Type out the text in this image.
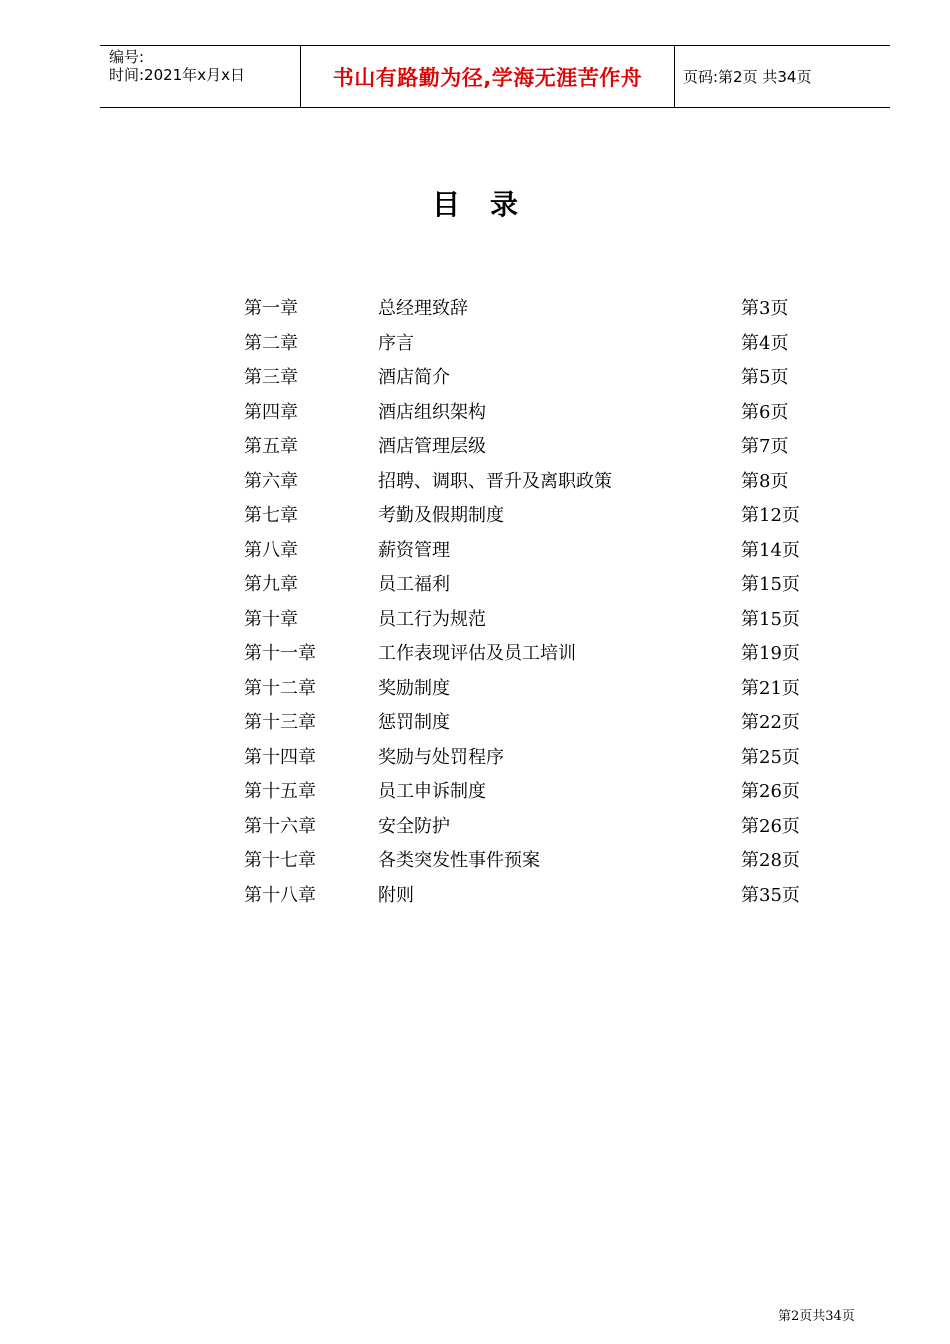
编号:
时间:2021年x月x日	书山有路勤为径,学海无涯苦作舟	页码:第2页 共34页
目录
第一章	总经理致辞	第3页
第二章	序言	第4页
第三章	酒店简介	第5页
第四章	酒店组织架构	第6页
第五章	酒店管理层级	第7页
第六章	招聘、调职、晋升及离职政策	第8页
第七章	考勤及假期制度	第12页
第八章	薪资管理	第14页
第九章	员工福利	第15页
第十章	员工行为规范	第15页
第十一章	工作表现评估及员工培训	第19页
第十二章	奖励制度	第21页
第十三章	惩罚制度	第22页
第十四章	奖励与处罚程序	第25页
第十五章	员工申诉制度	第26页
第十六章	安全防护	第26页
第十七章	各类突发性事件预案	第28页
第十八章	附则	第35页
第2页共34页
